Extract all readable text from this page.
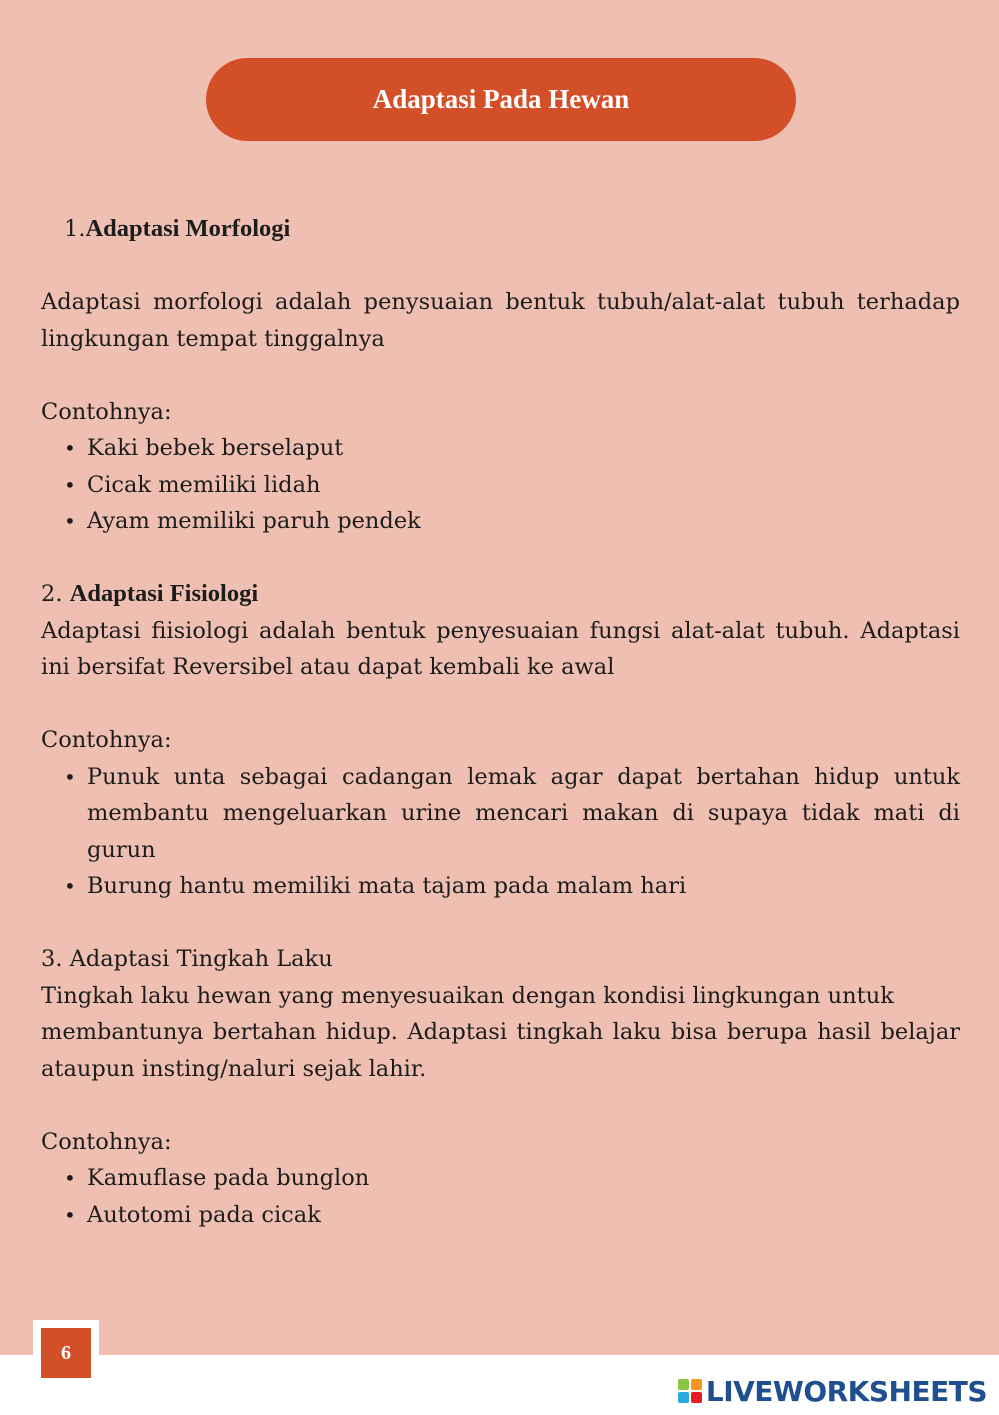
Adaptasi Pada Hewan

1.Adaptasi Morfologi

Adaptasi morfologi adalah penysuaian bentuk tubuh/alat-alat tubuh terhadap lingkungan tempat tinggalnya

Contohnya:

• Kaki bebek berselaput
• Cicak memiliki lidah
• Ayam memiliki paruh pendek

2. Adaptasi Fisiologi

Adaptasi fiisiologi adalah bentuk penyesuaian fungsi alat-alat tubuh. Adaptasi ini bersifat Reversibel atau dapat kembali ke awal

Contohnya:

• Punuk unta sebagai cadangan lemak agar dapat bertahan hidup untuk membantu mengeluarkan urine mencari makan di supaya tidak mati di gurun
• Burung hantu memiliki mata tajam pada malam hari

3. Adaptasi Tingkah Laku

Tingkah laku hewan yang menyesuaikan dengan kondisi lingkungan untuk

membantunya bertahan hidup. Adaptasi tingkah laku bisa berupa hasil belajar ataupun insting/naluri sejak lahir.

Contohnya:

• Kamuflase pada bunglon
• Autotomi pada cicak
6
LIVEWORKSHEETS
